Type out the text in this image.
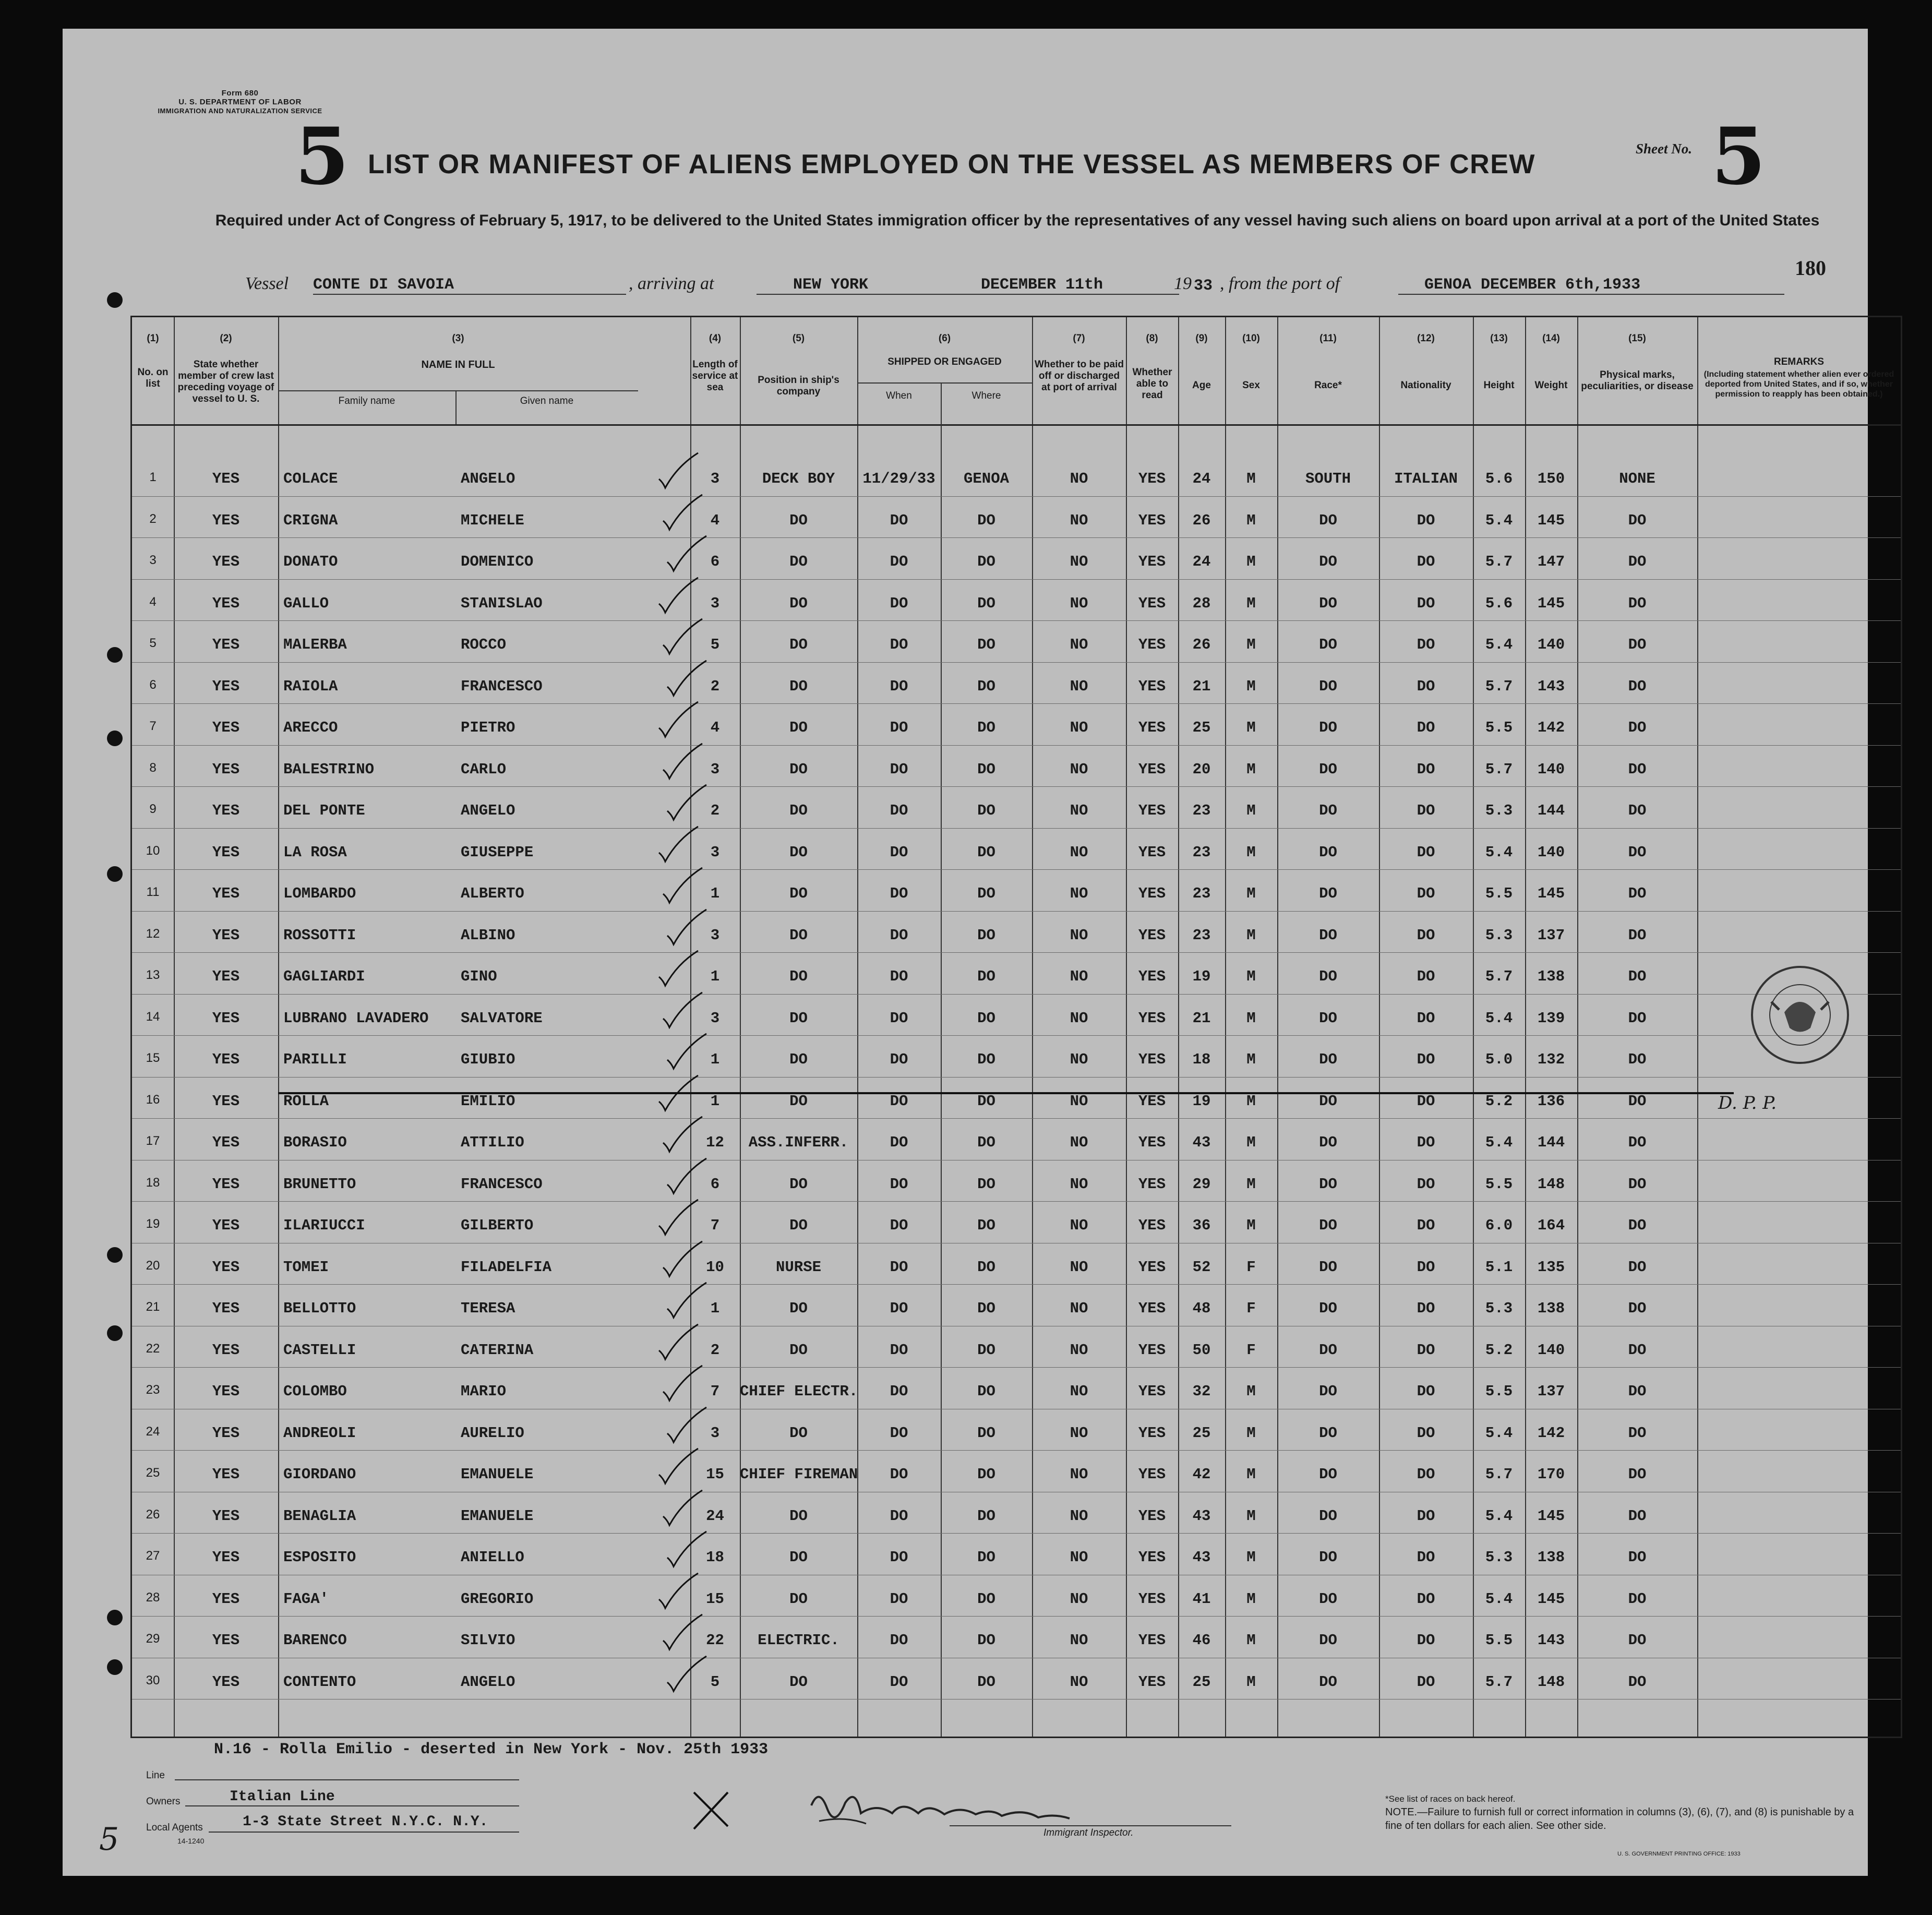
Form 680
U. S. DEPARTMENT OF LABOR
IMMIGRATION AND NATURALIZATION SERVICE
5 LIST OR MANIFEST OF ALIENS EMPLOYED ON THE VESSEL AS MEMBERS OF CREW
Sheet No. 5
Required under Act of Congress of February 5, 1917, to be delivered to the United States immigration officer by the representatives of any vessel having such aliens on board upon arrival at a port of the United States
180
Vessel CONTE DI SAVOIA	, arriving at	NEW YORK	DECEMBER 11th	19 33 , from the port of	GENOA DECEMBER 6th,1933
(1)	(2)	(3)	(4)	(5)	(6)	(7)	(8)	(9)	(10)	(11)	(12)	(13)	(14)	(15)
No. on list
State whether member of crew last preceding voyage of vessel to U. S.
NAME IN FULL
Family name	Given name
Length of service at sea
Position in ship's company
SHIPPED OR ENGAGED
When	Where
Whether to be paid off or discharged at port of arrival
Whether able to read
Age	Sex	Race*	Nationality	Height	Weight
Physical marks, peculiarities, or disease
REMARKS
(Including statement whether alien ever ordered deported from United States, and if so, whether permission to reapply has been obtained.)
1	YES	COLACE	ANGELO	3	DECK BOY	11/29/33	GENOA	NO	YES	24	M	SOUTH	ITALIAN	5.6	150	NONE
2	YES	CRIGNA	MICHELE	4	DO	DO	DO	NO	YES	26	M	DO	DO	5.4	145	DO
3	YES	DONATO	DOMENICO	6	DO	DO	DO	NO	YES	24	M	DO	DO	5.7	147	DO
4	YES	GALLO	STANISLAO	3	DO	DO	DO	NO	YES	28	M	DO	DO	5.6	145	DO
5	YES	MALERBA	ROCCO	5	DO	DO	DO	NO	YES	26	M	DO	DO	5.4	140	DO
6	YES	RAIOLA	FRANCESCO	2	DO	DO	DO	NO	YES	21	M	DO	DO	5.7	143	DO
7	YES	ARECCO	PIETRO	4	DO	DO	DO	NO	YES	25	M	DO	DO	5.5	142	DO
8	YES	BALESTRINO	CARLO	3	DO	DO	DO	NO	YES	20	M	DO	DO	5.7	140	DO
9	YES	DEL PONTE	ANGELO	2	DO	DO	DO	NO	YES	23	M	DO	DO	5.3	144	DO
10	YES	LA ROSA	GIUSEPPE	3	DO	DO	DO	NO	YES	23	M	DO	DO	5.4	140	DO
11	YES	LOMBARDO	ALBERTO	1	DO	DO	DO	NO	YES	23	M	DO	DO	5.5	145	DO
12	YES	ROSSOTTI	ALBINO	3	DO	DO	DO	NO	YES	23	M	DO	DO	5.3	137	DO
13	YES	GAGLIARDI	GINO	1	DO	DO	DO	NO	YES	19	M	DO	DO	5.7	138	DO
14	YES	LUBRANO LAVADERO	SALVATORE	3	DO	DO	DO	NO	YES	21	M	DO	DO	5.4	139	DO
15	YES	PARILLI	GIUBIO	1	DO	DO	DO	NO	YES	18	M	DO	DO	5.0	132	DO
16	YES	ROLLA	EMILIO	1	DO	DO	DO	NO	YES	19	M	DO	DO	5.2	136	DO	D. P. P.
17	YES	BORASIO	ATTILIO	12	ASS.INFERR.	DO	DO	NO	YES	43	M	DO	DO	5.4	144	DO
18	YES	BRUNETTO	FRANCESCO	6	DO	DO	DO	NO	YES	29	M	DO	DO	5.5	148	DO
19	YES	ILARIUCCI	GILBERTO	7	DO	DO	DO	NO	YES	36	M	DO	DO	6.0	164	DO
20	YES	TOMEI	FILADELFIA	10	NURSE	DO	DO	NO	YES	52	F	DO	DO	5.1	135	DO
21	YES	BELLOTTO	TERESA	1	DO	DO	DO	NO	YES	48	F	DO	DO	5.3	138	DO
22	YES	CASTELLI	CATERINA	2	DO	DO	DO	NO	YES	50	F	DO	DO	5.2	140	DO
23	YES	COLOMBO	MARIO	7	CHIEF ELECTR.	DO	DO	NO	YES	32	M	DO	DO	5.5	137	DO
24	YES	ANDREOLI	AURELIO	3	DO	DO	DO	NO	YES	25	M	DO	DO	5.4	142	DO
25	YES	GIORDANO	EMANUELE	15	CHIEF FIREMAN	DO	DO	NO	YES	42	M	DO	DO	5.7	170	DO
26	YES	BENAGLIA	EMANUELE	24	DO	DO	DO	NO	YES	43	M	DO	DO	5.4	145	DO
27	YES	ESPOSITO	ANIELLO	18	DO	DO	DO	NO	YES	43	M	DO	DO	5.3	138	DO
28	YES	FAGA'	GREGORIO	15	DO	DO	DO	NO	YES	41	M	DO	DO	5.4	145	DO
29	YES	BARENCO	SILVIO	22	ELECTRIC.	DO	DO	NO	YES	46	M	DO	DO	5.5	143	DO
30	YES	CONTENTO	ANGELO	5	DO	DO	DO	NO	YES	25	M	DO	DO	5.7	148	DO
N.16 - Rolla Emilio - deserted in New York - Nov. 25th 1933
Line
Owners	Italian Line
Local Agents	1-3 State Street N.Y.C. N.Y.
14-1240
5	Immigrant Inspector.
*See list of races on back hereof.
NOTE.—Failure to furnish full or correct information in columns (3), (6), (7), and (8) is punishable by a fine of ten dollars for each alien. See other side.
U. S. GOVERNMENT PRINTING OFFICE: 1933
